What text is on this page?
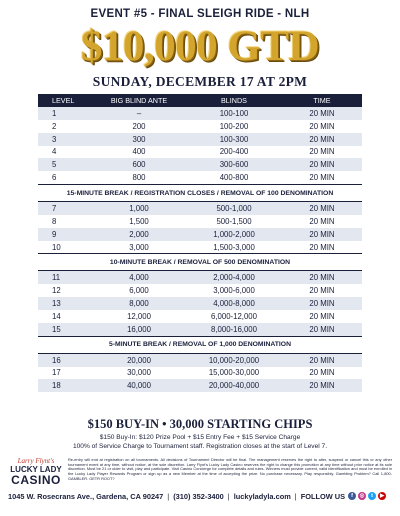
EVENT #5 - FINAL SLEIGH RIDE - NLH
$10,000 GTD
SUNDAY, DECEMBER 17 AT 2PM
LEVEL	BIG BLIND ANTE	BLINDS	TIME
1	–	100-100	20 MIN
2	200	100-200	20 MIN
3	300	100-300	20 MIN
4	400	200-400	20 MIN
5	600	300-600	20 MIN
6	800	400-800	20 MIN
15-MINUTE BREAK / REGISTRATION CLOSES / REMOVAL OF 100 DENOMINATION			
7	1,000	500-1,000	20 MIN
8	1,500	500-1,500	20 MIN
9	2,000	1,000-2,000	20 MIN
10	3,000	1,500-3,000	20 MIN
10-MINUTE BREAK / REMOVAL OF 500 DENOMINATION			
11	4,000	2,000-4,000	20 MIN
12	6,000	3,000-6,000	20 MIN
13	8,000	4,000-8,000	20 MIN
14	12,000	6,000-12,000	20 MIN
15	16,000	8,000-16,000	20 MIN
5-MINUTE BREAK / REMOVAL OF 1,000 DENOMINATION			
16	20,000	10,000-20,000	20 MIN
17	30,000	15,000-30,000	20 MIN
18	40,000	20,000-40,000	20 MIN
$150 BUY-IN • 30,000 STARTING CHIPS
$150 Buy-In: $120 Prize Pool + $15 Entry Fee + $15 Service Charge
100% of Service Charge to Tournament staff. Registration closes at the start of Level 7.
Larry Flynt's
LUCKY LADY
CASINO
Re-entry will end at registration on all tournaments. All decisions of Tournament Director will be final. The management reserves the right to alter, suspend or cancel this or any other tournament event at any time, without notice, at the sole discretion. Larry Flynt's Lucky Lady Casino reserves the right to change this promotion at any time without prior notice at its sole discretion. Must be 21 or older to visit, play and participate. Visit Casino Concierge for complete details and rules. Winners must provide current, valid identification and must be enrolled in the Lucky Lady Player Rewards Program or sign up as a new Member at the time of accepting the prize. No purchase necessary. Play responsibly. Gambling Problem? Call 1-800-GAMBLER. GETR ROOT?
1045 W. Rosecrans Ave., Gardena, CA 90247 | (310) 352-3400 | luckyladyla.com | FOLLOW US	f	◎	t	▶
